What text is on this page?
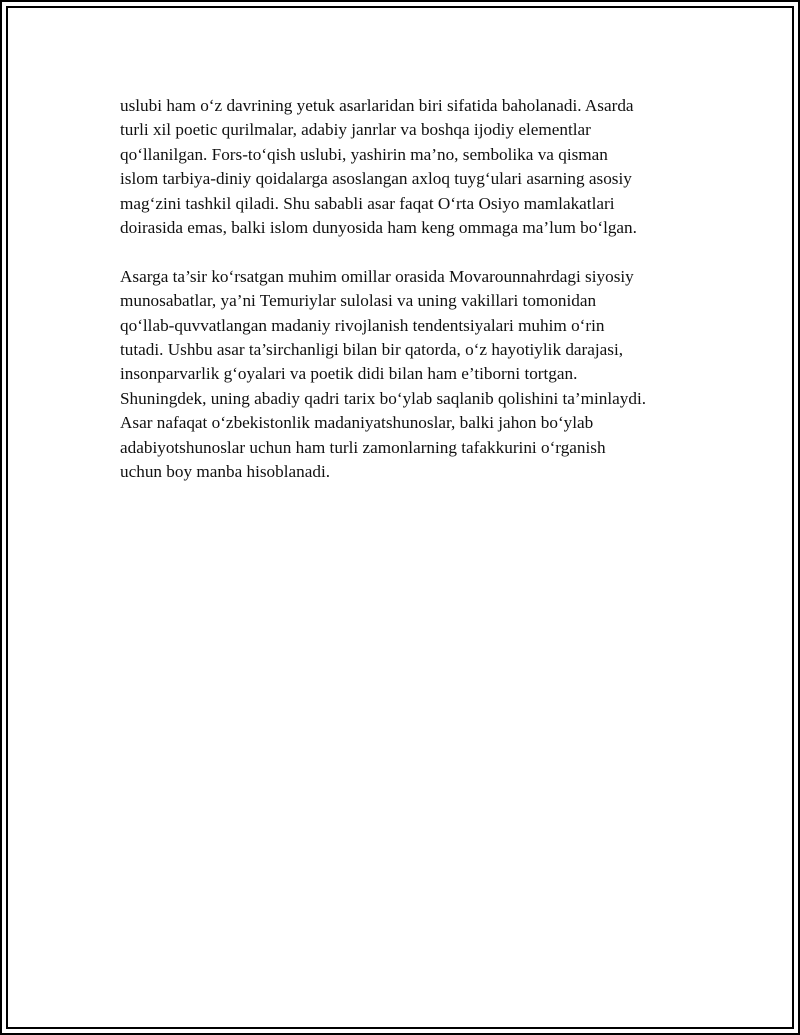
uslubi ham o‘z davrining yetuk asarlaridan biri sifatida baholanadi. Asarda
turli xil poetic qurilmalar, adabiy janrlar va boshqa ijodiy elementlar
qo‘llanilgan. Fors-to‘qish uslubi, yashirin ma’no, sembolika va qisman
islom tarbiya-diniy qoidalarga asoslangan axloq tuyg‘ulari asarning asosiy
mag‘zini tashkil qiladi. Shu sababli asar faqat O‘rta Osiyo mamlakatlari
doirasida emas, balki islom dunyosida ham keng ommaga ma’lum bo‘lgan.

Asarga ta’sir ko‘rsatgan muhim omillar orasida Movarounnahrdagi siyosiy
munosabatlar, ya’ni Temuriylar sulolasi va uning vakillari tomonidan
qo‘llab-quvvatlangan madaniy rivojlanish tendentsiyalari muhim o‘rin
tutadi. Ushbu asar ta’sirchanligi bilan bir qatorda, o‘z hayotiylik darajasi,
insonparvarlik g‘oyalari va poetik didi bilan ham e’tiborni tortgan.
Shuningdek, uning abadiy qadri tarix bo‘ylab saqlanib qolishini ta’minlaydi.
Asar nafaqat o‘zbekistonlik madaniyatshunoslar, balki jahon bo‘ylab
adabiyotshunoslar uchun ham turli zamonlarning tafakkurini o‘rganish
uchun boy manba hisoblanadi.
